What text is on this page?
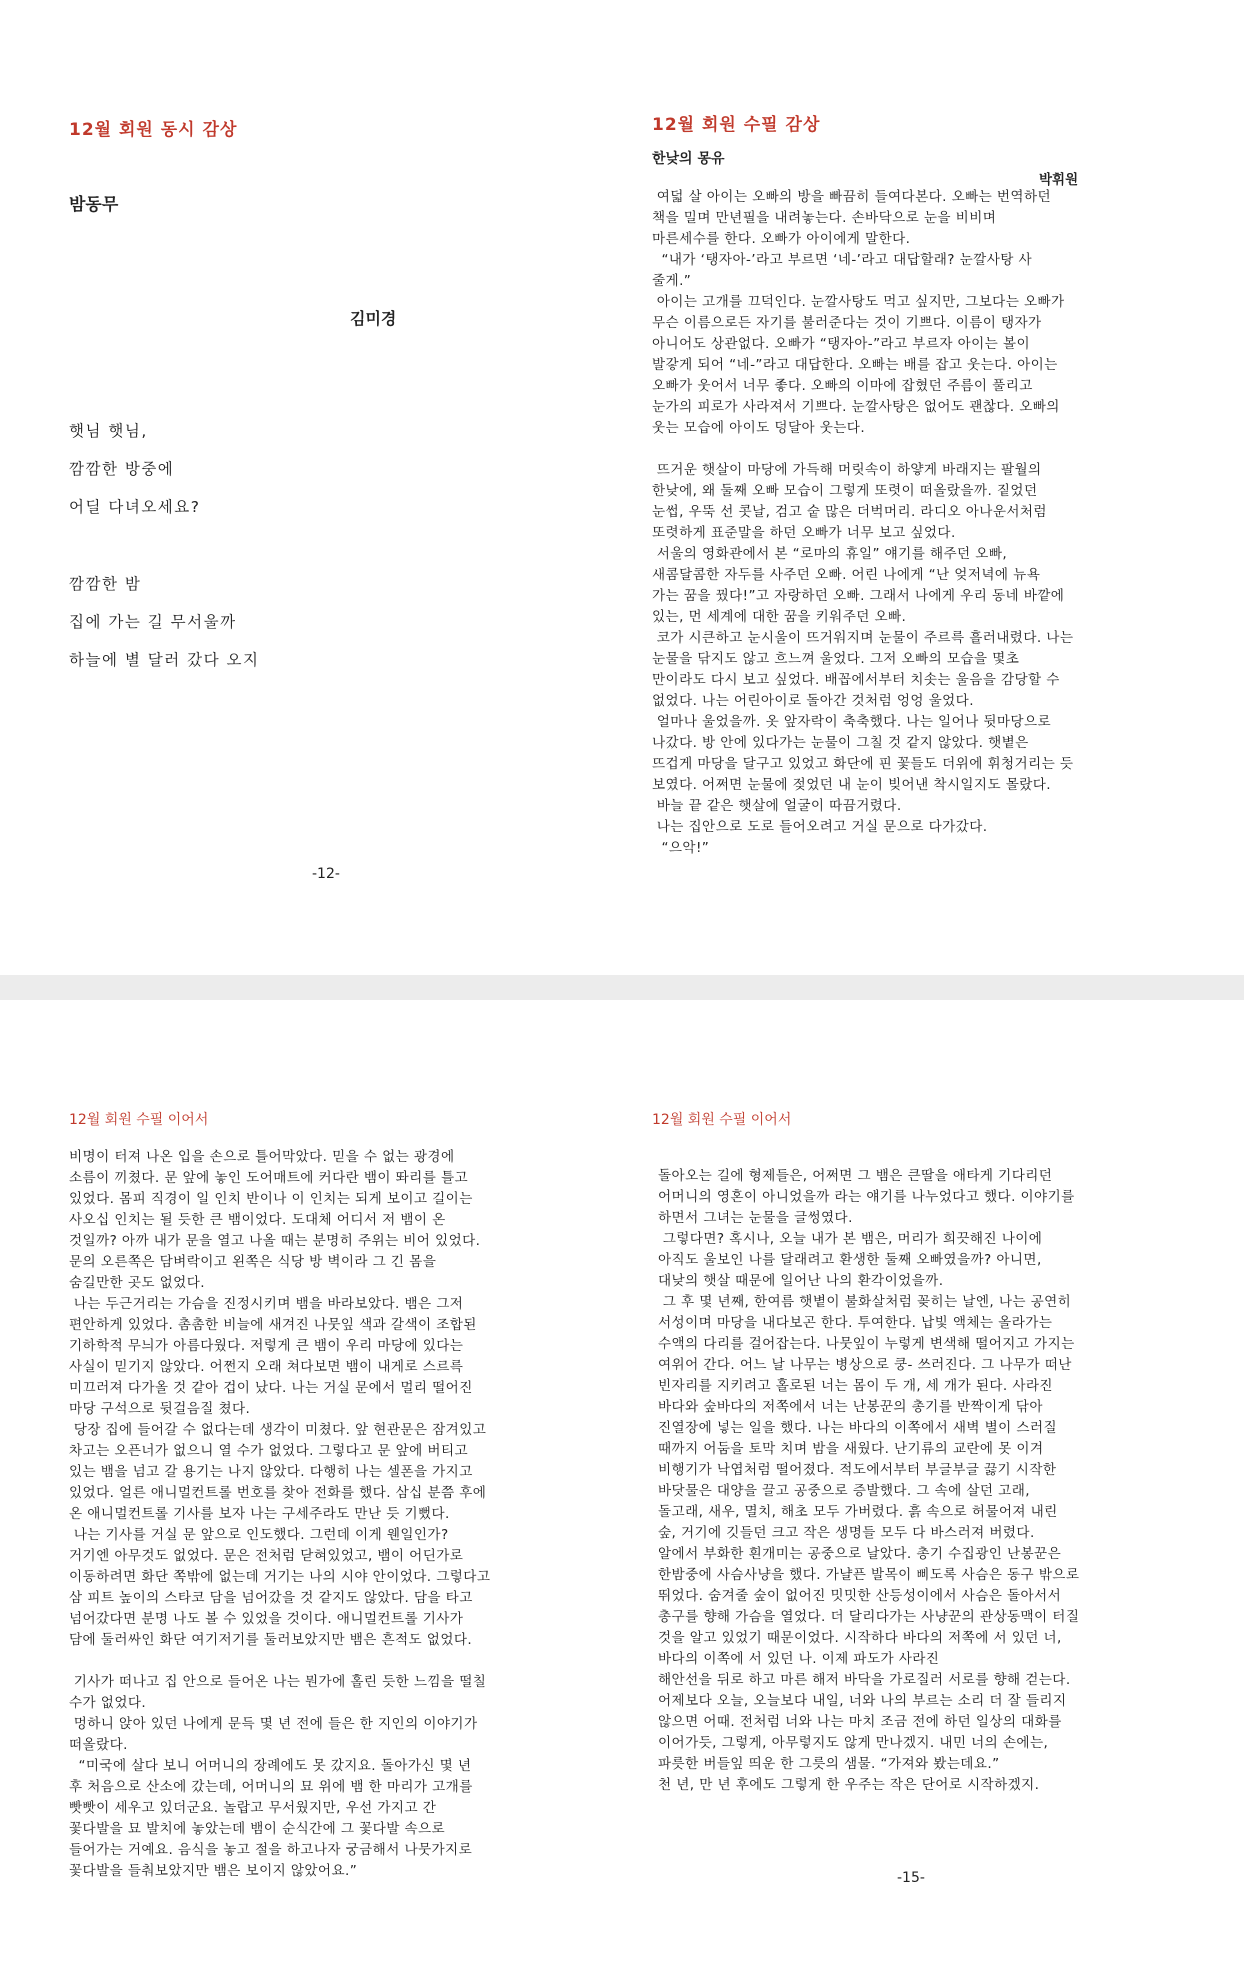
12월 회원 동시 감상
밤동무
김미경
햇님 햇님,
깜깜한 방중에
어딜 다녀오세요?
깜깜한 밤
집에 가는 길 무서울까
하늘에 별 달러 갔다 오지
-12-
12월 회원 수필 감상
한낮의 몽유
박휘원
여덟 살 아이는 오빠의 방을 빠끔히 들여다본다. 오빠는 번역하던
책을 밀며 만년필을 내려놓는다. 손바닥으로 눈을 비비며
마른세수를 한다. 오빠가 아이에게 말한다.
“내가 ‘탱자아-’라고 부르면 ‘네-’라고 대답할래? 눈깔사탕 사
줄게.”
아이는 고개를 끄덕인다. 눈깔사탕도 먹고 싶지만, 그보다는 오빠가
무슨 이름으로든 자기를 불러준다는 것이 기쁘다. 이름이 탱자가
아니어도 상관없다. 오빠가 “탱자아-”라고 부르자 아이는 볼이
발갛게 되어 “네-”라고 대답한다. 오빠는 배를 잡고 웃는다. 아이는
오빠가 웃어서 너무 좋다. 오빠의 이마에 잡혔던 주름이 풀리고
눈가의 피로가 사라져서 기쁘다. 눈깔사탕은 없어도 괜찮다. 오빠의
웃는 모습에 아이도 덩달아 웃는다.

뜨거운 햇살이 마당에 가득해 머릿속이 하얗게 바래지는 팔월의
한낮에, 왜 둘째 오빠 모습이 그렇게 또렷이 떠올랐을까. 짙었던
눈썹, 우뚝 선 콧날, 검고 숱 많은 더벅머리. 라디오 아나운서처럼
또렷하게 표준말을 하던 오빠가 너무 보고 싶었다.
서울의 영화관에서 본 “로마의 휴일” 얘기를 해주던 오빠,
새콤달콤한 자두를 사주던 오빠. 어린 나에게 “난 엊저녁에 뉴욕
가는 꿈을 꿨다!”고 자랑하던 오빠. 그래서 나에게 우리 동네 바깥에
있는, 먼 세계에 대한 꿈을 키워주던 오빠.
코가 시큰하고 눈시울이 뜨거워지며 눈물이 주르륵 흘러내렸다. 나는
눈물을 닦지도 않고 흐느껴 울었다. 그저 오빠의 모습을 몇초
만이라도 다시 보고 싶었다. 배꼽에서부터 치솟는 울음을 감당할 수
없었다. 나는 어린아이로 돌아간 것처럼 엉엉 울었다.
얼마나 울었을까. 옷 앞자락이 축축했다. 나는 일어나 뒷마당으로
나갔다. 방 안에 있다가는 눈물이 그칠 것 같지 않았다. 햇볕은
뜨겁게 마당을 달구고 있었고 화단에 핀 꽃들도 더위에 휘청거리는 듯
보였다. 어쩌면 눈물에 젖었던 내 눈이 빚어낸 착시일지도 몰랐다.
바늘 끝 같은 햇살에 얼굴이 따끔거렸다.
나는 집안으로 도로 들어오려고 거실 문으로 다가갔다.
“으악!”
12월 회원 수필 이어서
비명이 터져 나온 입을 손으로 틀어막았다. 믿을 수 없는 광경에
소름이 끼쳤다. 문 앞에 놓인 도어매트에 커다란 뱀이 똬리를 틀고
있었다. 몸피 직경이 일 인치 반이나 이 인치는 되게 보이고 길이는
사오십 인치는 될 듯한 큰 뱀이었다. 도대체 어디서 저 뱀이 온
것일까? 아까 내가 문을 열고 나올 때는 분명히 주위는 비어 있었다.
문의 오른쪽은 담벼락이고 왼쪽은 식당 방 벽이라 그 긴 몸을
숨길만한 곳도 없었다.
나는 두근거리는 가슴을 진정시키며 뱀을 바라보았다. 뱀은 그저
편안하게 있었다. 촘촘한 비늘에 새겨진 나뭇잎 색과 갈색이 조합된
기하학적 무늬가 아름다웠다. 저렇게 큰 뱀이 우리 마당에 있다는
사실이 믿기지 않았다. 어쩐지 오래 쳐다보면 뱀이 내게로 스르륵
미끄러져 다가올 것 같아 겁이 났다. 나는 거실 문에서 멀리 떨어진
마당 구석으로 뒷걸음질 쳤다.
당장 집에 들어갈 수 없다는데 생각이 미쳤다. 앞 현관문은 잠겨있고
차고는 오픈너가 없으니 열 수가 없었다. 그렇다고 문 앞에 버티고
있는 뱀을 넘고 갈 용기는 나지 않았다. 다행히 나는 셀폰을 가지고
있었다. 얼른 애니멀컨트롤 번호를 찾아 전화를 했다. 삼십 분쯤 후에
온 애니멀컨트롤 기사를 보자 나는 구세주라도 만난 듯 기뻤다.
나는 기사를 거실 문 앞으로 인도했다. 그런데 이게 웬일인가?
거기엔 아무것도 없었다. 문은 전처럼 닫혀있었고, 뱀이 어딘가로
이동하려면 화단 쪽밖에 없는데 거기는 나의 시야 안이었다. 그렇다고
삼 피트 높이의 스타코 담을 넘어갔을 것 같지도 않았다. 담을 타고
넘어갔다면 분명 나도 볼 수 있었을 것이다. 애니멀컨트롤 기사가
담에 둘러싸인 화단 여기저기를 둘러보았지만 뱀은 흔적도 없었다.

기사가 떠나고 집 안으로 들어온 나는 뭔가에 홀린 듯한 느낌을 떨칠
수가 없었다.
멍하니 앉아 있던 나에게 문득 몇 년 전에 들은 한 지인의 이야기가
떠올랐다.
“미국에 살다 보니 어머니의 장례에도 못 갔지요. 돌아가신 몇 년
후 처음으로 산소에 갔는데, 어머니의 묘 위에 뱀 한 마리가 고개를
빳빳이 세우고 있더군요. 놀랍고 무서웠지만, 우선 가지고 간
꽃다발을 묘 발치에 놓았는데 뱀이 순식간에 그 꽃다발 속으로
들어가는 거예요. 음식을 놓고 절을 하고나자 궁금해서 나뭇가지로
꽃다발을 들춰보았지만 뱀은 보이지 않았어요.”
12월 회원 수필 이어서
돌아오는 길에 형제들은, 어쩌면 그 뱀은 큰딸을 애타게 기다리던
어머니의 영혼이 아니었을까 라는 얘기를 나누었다고 했다. 이야기를
하면서 그녀는 눈물을 글썽였다.
그렇다면? 혹시나, 오늘 내가 본 뱀은, 머리가 희끗해진 나이에
아직도 울보인 나를 달래려고 환생한 둘째 오빠였을까? 아니면,
대낮의 햇살 때문에 일어난 나의 환각이었을까.
그 후 몇 년째, 한여름 햇볕이 불화살처럼 꽂히는 날엔, 나는 공연히
서성이며 마당을 내다보곤 한다. 투여한다. 납빛 액체는 올라가는
수액의 다리를 걸어잡는다. 나뭇잎이 누렇게 변색해 떨어지고 가지는
여위어 간다. 어느 날 나무는 병상으로 쿵- 쓰러진다. 그 나무가 떠난
빈자리를 지키려고 홀로된 너는 몸이 두 개, 세 개가 된다. 사라진
바다와 숲바다의 저쪽에서 너는 난봉꾼의 총기를 반짝이게 닦아
진열장에 넣는 일을 했다. 나는 바다의 이쪽에서 새벽 별이 스러질
때까지 어둠을 토막 치며 밤을 새웠다. 난기류의 교란에 못 이겨
비행기가 낙엽처럼 떨어졌다. 적도에서부터 부글부글 끓기 시작한
바닷물은 대양을 끌고 공중으로 증발했다. 그 속에 살던 고래,
돌고래, 새우, 멸치, 해초 모두 가버렸다. 흙 속으로 허물어져 내린
숲, 거기에 깃들던 크고 작은 생명들 모두 다 바스러져 버렸다.
알에서 부화한 흰개미는 공중으로 날았다. 총기 수집광인 난봉꾼은
한밤중에 사슴사냥을 했다. 가냘픈 발목이 삐도록 사슴은 동구 밖으로
뛰었다. 숨겨줄 숲이 없어진 밋밋한 산등성이에서 사슴은 돌아서서
총구를 향해 가슴을 열었다. 더 달리다가는 사냥꾼의 관상동맥이 터질
것을 알고 있었기 때문이었다. 시작하다 바다의 저쪽에 서 있던 너,
바다의 이쪽에 서 있던 나. 이제 파도가 사라진
해안선을 뒤로 하고 마른 해저 바닥을 가로질러 서로를 향해 걷는다.
어제보다 오늘, 오늘보다 내일, 너와 나의 부르는 소리 더 잘 들리지
않으면 어때. 전처럼 너와 나는 마치 조금 전에 하던 일상의 대화를
이어가듯, 그렇게, 아무렇지도 않게 만나겠지. 내민 너의 손에는,
파릇한 버들잎 띄운 한 그릇의 샘물. “가져와 봤는데요.”
천 년, 만 년 후에도 그렇게 한 우주는 작은 단어로 시작하겠지.
-15-
